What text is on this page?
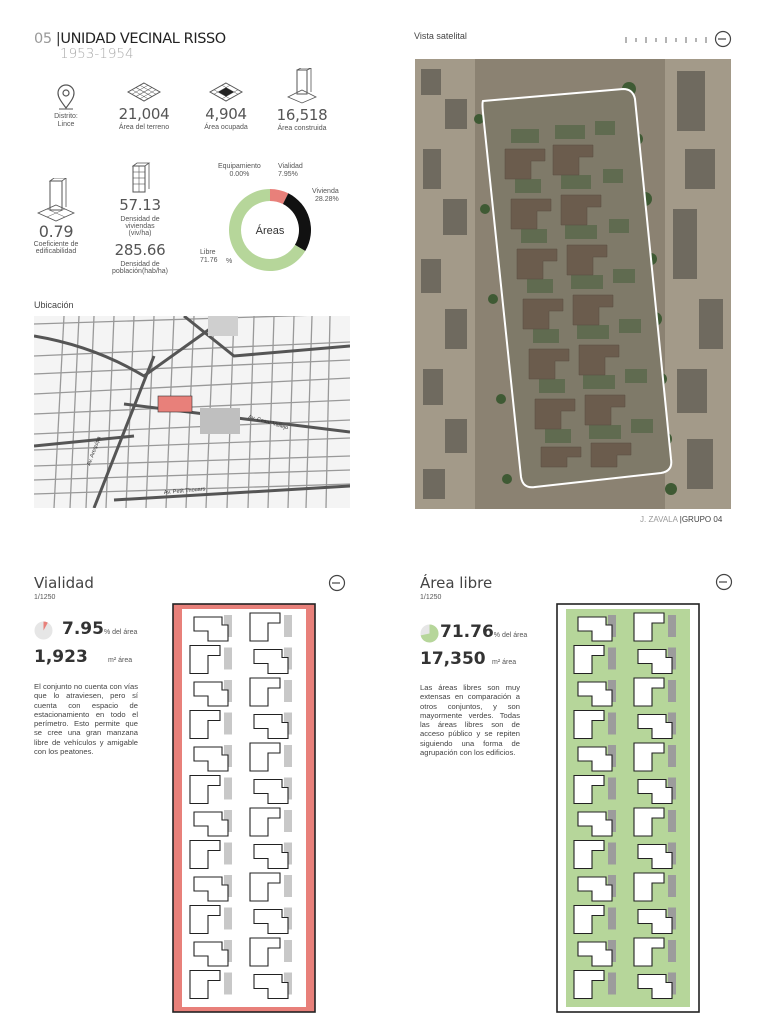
05 |UNIDAD VECINAL RISSO
1953-1954
Distrito:
Lince
21,004
Área del terreno
4,904
Área ocupada
16,518
Área construida
0.79
Coeficiente de edificabilidad
57.13
Densidad de viviendas (viv/ha)
285.66
Densidad de población(hab/ha)
Áreas
Equipamiento
0.00%
Vialidad
7.95%
Vivienda
28.28%
Libre
71.76 %
Ubicación
Av. Cesar Vallejo
Av. Arequipa
Av. Petit Thouars
Vista satelital
J. ZAVALA |GRUPO 04
Vialidad
1/1250
7.95% del área
1,923	m² área
El conjunto no cuenta con vías que lo atraviesen, pero sí cuenta con espacio de estacionamiento en todo el perímetro. Esto permite que se cree una gran manzana libre de vehículos y amigable con los peatones.
Área libre
1/1250
71.76% del área
17,350 m² área
Las áreas libres son muy extensas en comparación a otros conjuntos, y son mayormente verdes. Todas las áreas libres son de acceso público y se repiten siguiendo una forma de agrupación con los edificios.
